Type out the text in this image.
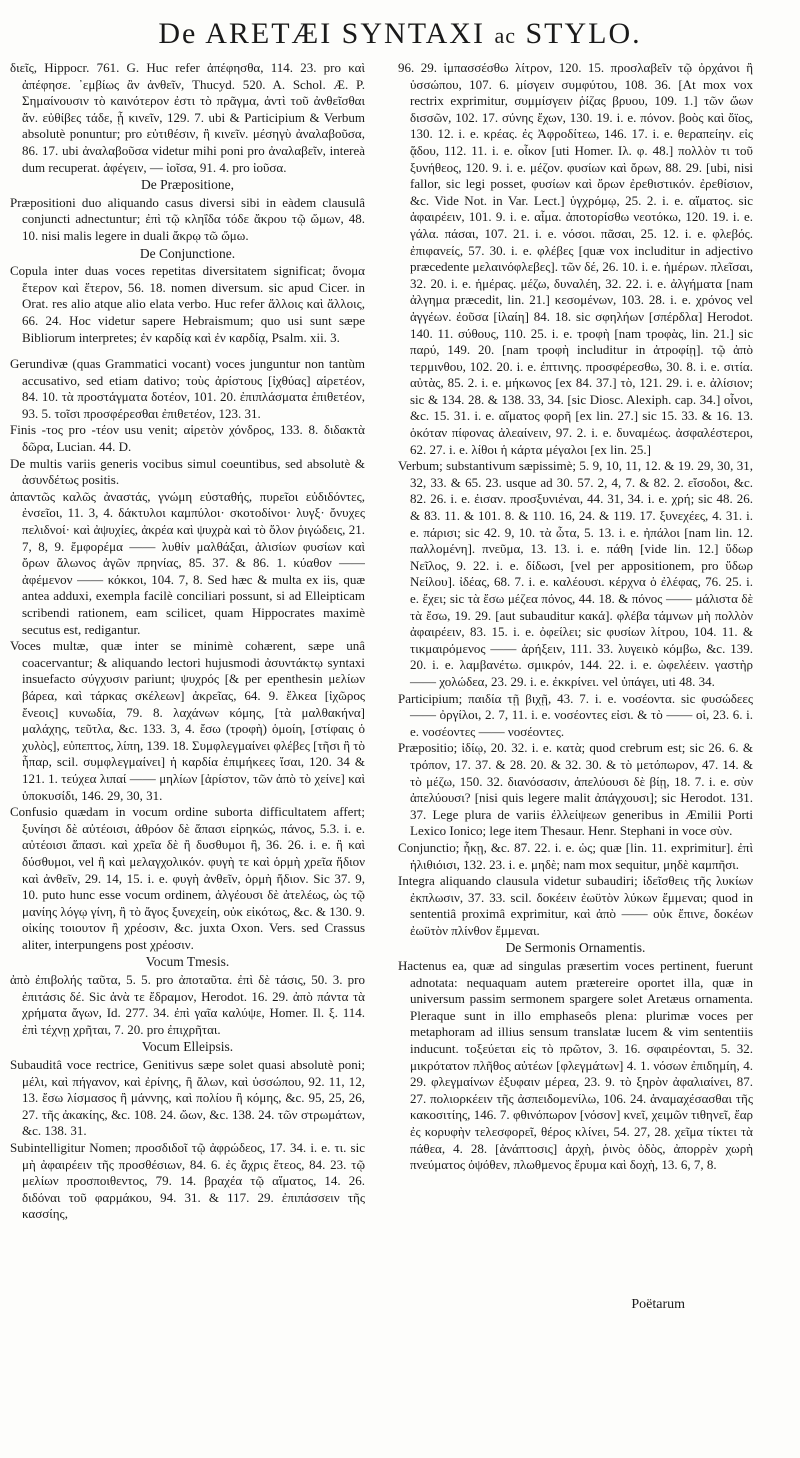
De ARETÆI SYNTAXI ac STYLO.

διεῖς, Hippocr. 761. G. Huc refer ἀπέφησθα, 114. 23. pro καὶ ἀπέφησε. ᾿εμβίως ἂν ἀνθεῖν, Thucyd. 520. A. Schol. Æ. P. Σημαίνουσιν τὸ καινότερον ἐστι τὸ πρᾶγμα, ἀντὶ τοῦ ἀνθεῖσθαι ἄν. εὐθίβες τάδε, ᾗ κινεῖν, 129. 7. ubi & Participium & Verbum absolutè ponuntur; pro εὐτιθέσιν, ἢ κινεῖν. μέσηγὺ ἀναλαβοῦσα, 86. 17. ubi ἀναλαβοῦσα videtur mihi poni pro ἀναλαβεῖν, intereà dum recuperat. ἀφέγειν, — ἰοῖσα, 91. 4. pro ἰοῦσα.

De Præpositione,

Præpositioni duo aliquando casus diversi sibi in eàdem clausulâ conjuncti adnectuntur; ἐπὶ τῷ κληΐδα τόδε ἄκρου τῷ ὤμων, 48. 10. nisi malis legere in duali ἄκρῳ τῶ ὤμω.

De Conjunctione.

Copula inter duas voces repetitas diversitatem significat; ὄνομα ἕτερον καὶ ἕτερον, 56. 18. nomen diversum. sic apud Cicer. in Orat. res alio atque alio elata verbo. Huc refer ἄλλοις καὶ ἄλλοις, 66. 24. Hoc videtur sapere Hebraismum; quo usi sunt sæpe Bibliorum interpretes; ἐν καρδίᾳ καὶ ἐν καρδίᾳ, Psalm. xii. 3.

Gerundivæ (quas Grammatici vocant) voces junguntur non tantùm accusativo, sed etiam dativo; τοὺς ἀρίστους [ἰχθύας] αἱρετέον, 84. 10. τὰ προστάγματα δοτέον, 101. 20. ἐπιπλάσματα ἐπιθετέον, 93. 5. τοῖσι προσφέρεσθαι ἐπιθετέον, 123. 31.

Finis -τος pro -τέον usu venit; αἱρετὸν χόνδρος, 133. 8. διδακτὰ δῶρα, Lucian. 44. D.

De multis variis generis vocibus simul coeuntibus, sed absolutè & ἀσυνδέτως positis.

ἀπαντῶς καλῶς ἀναστάς, γνώμη εὐσταθής, πυρεῖοι εὐδιδόντες, ἐνσεῖοι, 11. 3, 4. δάκτυλοι καμπύλοι· σκοτοδίνοι· λυγξ· ὄνυχες πελιδνοί· καὶ ἀψυχίες, ἀκρέα καὶ ψυχρὰ καὶ τὸ ὅλον ῥιγώδεις, 21. 7, 8, 9. ἔμφορέμα —— λυθίν μαλθάξαι, ἁλισίων φυσίων καὶ ὄρων ἄλωνος ἀγῶν πρηνίας, 85. 37. & 86. 1. κύαθον —— ἀφέμενον —— κόκκοι, 104. 7, 8. Sed hæc & multa ex iis, quæ antea adduxi, exempla facilè conciliari possunt, si ad Elleipticam scribendi rationem, eam scilicet, quam Hippocrates maximè secutus est, redigantur.

Voces multæ, quæ inter se minimè cohærent, sæpe unâ coacervantur; & aliquando lectori hujusmodi ἀσυντάκτῳ syntaxi insuefacto σύγχυσιν pariunt; ψυχρός [& per epenthesin μελίων βάρεα, καὶ τάρκας σκέλεων] ἀκρεῖας, 64. 9. ἔλκεα [ἰχῶρος ἔνεοις] κυνωδία, 79. 8. λαχάνων κόμης, [τὰ μαλθακήνα] μαλάχης, τεῦτλα, &c. 133. 3, 4. ἔσω (τροφὴ) ὁμοίη, [στίφαις ὁ χυλὸς], εὐπεπτος, λίπη, 139. 18. Συμφλεγμαίνει φλέβες [τῆσι ἢ τὸ ἧπαρ, scil. συμφλεγμαίνει] ἡ καρδία ἐπιμήκεες ἴσαι, 120. 34 & 121. 1. τεύχεα λιπαί —— μηλίων [ἀρίστον, τῶν ἀπὸ τὸ χείνε] καὶ ὑποκυσίδι, 146. 29, 30, 31.

Confusio quædam in vocum ordine suborta difficultatem affert; ξυνίησι δὲ αὐτέοισι, ἀθρόον δὲ ἅπασι εἰρηκώς, πάνος, 5.3. i. e. αὐτέοισι ἅπασι. καὶ χρεῖα δὲ ἢ δυσθυμοι ἢ, 36. 26. i. e. ἢ καὶ δύσθυμοι, vel ἢ καὶ μελαγχολικόν. φυγὴ τε καὶ ὁρμὴ χρεῖα ἥδιον καὶ ἀνθεῖν, 29. 14, 15. i. e. φυγὴ ἀνθεῖν, ὁρμὴ ἥδιον. Sic 37. 9, 10. puto hunc esse vocum ordinem, ἀλγέουσι δὲ ἀτελέως, ὡς τῷ μανίης λόγῳ γίνη, ἢ τὸ ἄγος ξυνεχείη, οὐκ εἰκότως, &c. & 130. 9. οἰκίης τοιουτον ἢ χρέοσιν, &c. juxta Oxon. Vers. sed Crassus aliter, interpungens post χρέοσιν.

Vocum Tmesis.

ἀπὸ ἐπιβολής ταῦτα, 5. 5. pro ἀποταῦτα. ἐπὶ δὲ τάσις, 50. 3. pro ἐπιτάσις δέ. Sic ἀνὰ τε ἔδραμον, Herodot. 16. 29. ἀπὸ πάντα τὰ χρήματα ἄγων, Id. 277. 34. ἐπὶ γαῖα καλύψε, Homer. Il. ξ. 114. ἐπὶ τέχνῃ χρῆται, 7. 20. pro ἐπιχρῆται.

Vocum Elleipsis.

Subauditâ voce rectrice, Genitivus sæpe solet quasi absolutè poni; μέλι, καὶ πήγανον, καὶ ἐρίνης, ἢ ἄλων, καὶ ὑσσώπου, 92. 11, 12, 13. ἔσω λίσμασος ἢ μάννης, καὶ πολίου ἢ κόμης, &c. 95, 25, 26, 27. τῆς ἀκακίης, &c. 108. 24. ὤων, &c. 138. 24. τῶν στρωμάτων, &c. 138. 31.

Subintelligitur Nomen; προσδιδοῖ τῷ ἀφρώδεος, 17. 34. i. e. τι. sic μὴ ἀφαιρέειν τῆς προσθέσιων, 84. 6. ἐς ἄχρις ἔτεος, 84. 23. τῷ μελίων προσποιθεντος, 79. 14. βραχέα τῷ αἵματος, 14. 26. διδόναι τοῦ φαρμάκου, 94. 31. & 117. 29. ἐπιπάσσειν τῆς κασσίης,

96. 29. ἱμπασσέσθω λίτρον, 120. 15. προσλαβεῖν τῷ ὀρχάνοι ἢ ὑσσώπου, 107. 6. μίσγειν συμφύτου, 108. 36. [At mox vox rectrix exprimitur, συμμίσγειν ῥίζας βρυου, 109. 1.] τῶν ὤων δισσῶν, 102. 17. σύνης ἔχων, 130. 19. i. e. πόνον. βοὸς καὶ ὄϊος, 130. 12. i. e. κρέας. ἐς Ἀφροδίτεω, 146. 17. i. e. θεραπείην. εἰς ᾅδου, 112. 11. i. e. οἶκον [uti Homer. Ιλ. φ. 48.] πολλὸν τι τοῦ ξυνήθεος, 120. 9. i. e. μέζον. φυσίων καὶ ὄρων, 88. 29. [ubi, nisi fallor, sic legi posset, φυσίων καὶ ὄρων ἐρεθιστικόν. ἐρεθίσιον, &c. Vide Not. in Var. Lect.] ὑγχρόμῳ, 25. 2. i. e. αἵματος. sic ἀφαιρέειν, 101. 9. i. e. αἷμα. ἀποτορίσθω νεοτόκω, 120. 19. i. e. γάλα. πάσαι, 107. 21. i. e. νόσοι. πᾶσαι, 25. 12. i. e. φλεβός. ἐπιφανείς, 57. 30. i. e. φλέβες [quæ vox includitur in adjectivo præcedente μελαινόφλεβες]. τῶν δέ, 26. 10. i. e. ἡμέρων. πλεῖσαι, 32. 20. i. e. ἡμέρας. μέζω, δυναλέη, 32. 22. i. e. ἀλγήματα [nam ἀλγημα præcedit, lin. 21.] κεσομένων, 103. 28. i. e. χρόνος vel ἀγγέων. ἐοῦσα [ἰλαίη] 84. 18. sic σφηλήων [σπέρδλα] Herodot. 140. 11. σύθους, 110. 25. i. e. τροφὴ [nam τροφὰς, lin. 21.] sic παρύ, 149. 20. [nam τροφὴ includitur in ἀτροφίῃ]. τῷ ἀπὸ τερμινθου, 102. 20. i. e. ἐπτινης. προσφέρεσθω, 30. 8. i. e. σιτία. αὐτὰς, 85. 2. i. e. μήκωνος [ex 84. 37.] τὸ, 121. 29. i. e. ἀλίσιον; sic & 134. 28. & 138. 33, 34. [sic Diosc. Alexiph. cap. 34.] οἶνοι, &c. 15. 31. i. e. αἵματος φορῆ [ex lin. 27.] sic 15. 33. & 16. 13. ὁκόταν πίφονας ἀλεαίνειν, 97. 2. i. e. δυναμέως. ἀσφαλέστεροι, 62. 27. i. e. λίθοι ἡ κάρτα μέγαλοι [ex lin. 25.]

Verbum; substantivum sæpissimè; 5. 9, 10, 11, 12. & 19. 29, 30, 31, 32, 33. & 65. 23. usque ad 30. 57. 2, 4, 7. & 82. 2. εἴσοδοι, &c. 82. 26. i. e. ἐισαν. προσξυνιέναι, 44. 31, 34. i. e. χρή; sic 48. 26. & 83. 11. & 101. 8. & 110. 16, 24. & 119. 17. ξυνεχέες, 4. 31. i. e. πάρισι; sic 42. 9, 10. τὰ ὦτα, 5. 13. i. e. ἠπάλοι [nam lin. 12. παλλομένη]. πνεῦμα, 13. 13. i. e. πάθη [vide lin. 12.] ὕδωρ Νεῖλος, 9. 22. i. e. δίδωσι, [vel per appositionem, pro ὕδωρ Νείλου]. ἰδέας, 68. 7. i. e. καλέουσι. κέρχνα ὁ ἐλέφας, 76. 25. i. e. ἔχει; sic τὰ ἔσω μέζεα πόνος, 44. 18. & πόνος —— μάλιστα δὲ τὰ ἔσω, 19. 29. [aut subauditur κακά]. φλέβα τάμνων μὴ πολλὸν ἀφαιρέειν, 83. 15. i. e. ὀφείλει; sic φυσίων λίτρου, 104. 11. & τικμαιρόμενος —— ἀρήξειν, 111. 33. λυγεικὸ κόμβω, &c. 139. 20. i. e. λαμβανέτω. σμικρόν, 144. 22. i. e. ὠφελέειν. γαστὴρ —— χολώδεα, 23. 29. i. e. ἐκκρίνει. vel ὑπάγει, uti 48. 34.

Participium; παιδία τῇ βιχῇ, 43. 7. i. e. νοσέοντα. sic φυσώδεες —— ὀργίλοι, 2. 7, 11. i. e. νοσέοντες εἰσι. & τὸ —— οἱ, 23. 6. i. e. νοσέοντες —— νοσέοντες.

Præpositio; ἰδίῳ, 20. 32. i. e. κατὰ; quod crebrum est; sic 26. 6. & τρόπον, 17. 37. & 28. 20. & 32. 30. & τὸ μετόπωρον, 47. 14. & τὸ μέζω, 150. 32. διανόσασιν, ἀπελύουσι δὲ βίῃ, 18. 7. i. e. σὺν ἀπελύουσι? [nisi quis legere malit ἀπάγχουσι]; sic Herodot. 131. 37. Lege plura de variis ἐλλείψεων generibus in Æmilii Porti Lexico Ionico; lege item Thesaur. Henr. Stephani in voce σὺν.

Conjunctio; ἧκῃ, &c. 87. 22. i. e. ὡς; quæ [lin. 11. exprimitur]. ἐπὶ ἠλιθιόισι, 132. 23. i. e. μηδὲ; nam mox sequitur, μηδὲ καμπῆσι.

Integra aliquando clausula videtur subaudiri; ἰδεῖσθεις τῆς λυκίων ἐκπλωσιν, 37. 33. scil. δοκέειν ἐωϋτὸν λύκων ἔμμεναι; quod in sententiâ proximâ exprimitur, καὶ ἀπὸ —— οὐκ ἔπινε, δοκέων ἐωϋτὸν πλίνθον ἔμμεναι.

De Sermonis Ornamentis.

Hactenus ea, quæ ad singulas præsertim voces pertinent, fuerunt adnotata: nequaquam autem prætereire oportet illa, quæ in universum passim sermonem spargere solet Aretæus ornamenta. Pleraque sunt in illo emphaseôs plena: plurimæ voces per metaphoram ad illius sensum translatæ lucem & vim sententiis inducunt. τοξεύεται εἰς τὸ πρῶτον, 3. 16. σφαιρέονται, 5. 32. μικρότατον πλῆθος αὐτέων [φλεγμάτων] 4. 1. νόσων ἐπιδημίη, 4. 29. φλεγμαίνων ἐξυφαιν μέρεα, 23. 9. τὸ ξηρὸν ἀφαλιαίνει, 87. 27. πολιορκέειν τῆς ἀσπειδομενίλω, 106. 24. ἀναμαχέσασθαι τῆς κακοσιτίης, 146. 7. φθινόπωρον [νόσον] κνεῖ, χειμῶν τιθηνεῖ, ἔαρ ἐς κορυφὴν τελεσφορεῖ, θέρος κλίνει, 54. 27, 28. χεῖμα τίκτει τὰ πάθεα, 4. 28. [ἀνάπτοσις] ἀρχὴ, ῥινὸς ὀδὸς, ἀπορρὲν χωρὴ πνεύματος ὀψόθεν, πλωθμενος ἔρυμα καὶ δοχὴ, 13. 6, 7, 8.

Poëtarum
